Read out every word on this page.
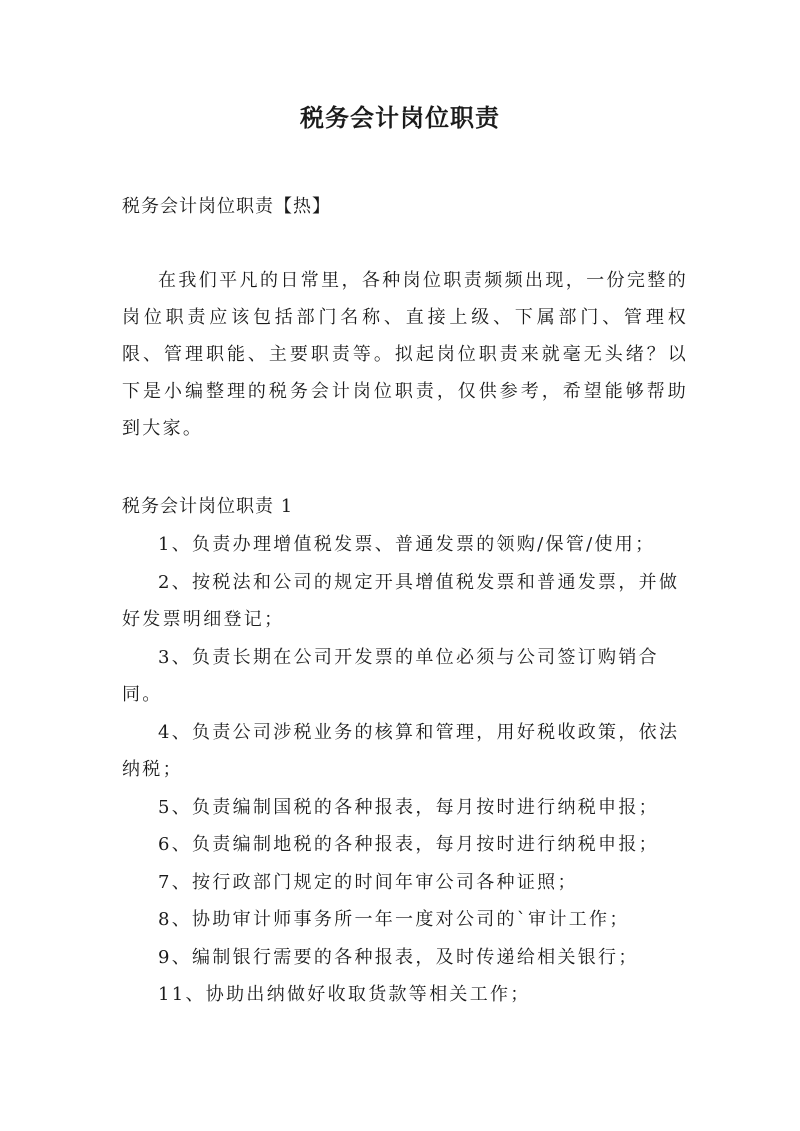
税务会计岗位职责
税务会计岗位职责【热】

在我们平凡的日常里，各种岗位职责频频出现，一份完整的岗位职责应该包括部门名称、直接上级、下属部门、管理权限、管理职能、主要职责等。拟起岗位职责来就毫无头绪？以下是小编整理的税务会计岗位职责，仅供参考，希望能够帮助到大家。

税务会计岗位职责 1
1、负责办理增值税发票、普通发票的领购/保管/使用；
2、按税法和公司的规定开具增值税发票和普通发票，并做好发票明细登记；
3、负责长期在公司开发票的单位必须与公司签订购销合同。
4、负责公司涉税业务的核算和管理，用好税收政策，依法纳税；
5、负责编制国税的各种报表，每月按时进行纳税申报；
6、负责编制地税的各种报表，每月按时进行纳税申报；
7、按行政部门规定的时间年审公司各种证照；
8、协助审计师事务所一年一度对公司的`审计工作；
9、编制银行需要的各种报表，及时传递给相关银行；
11、协助出纳做好收取货款等相关工作；
